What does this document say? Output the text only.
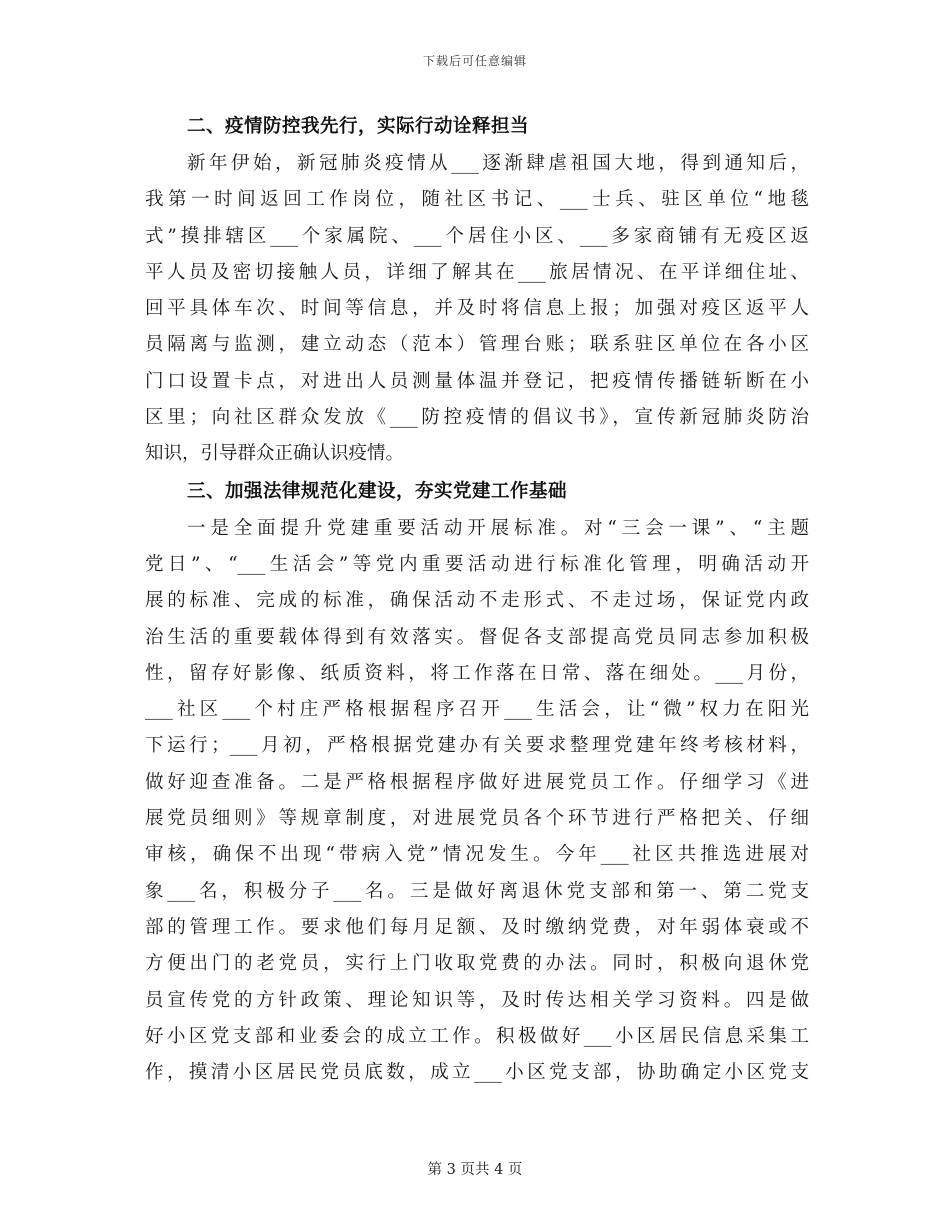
下载后可任意编辑
二、疫情防控我先行，实际行动诠释担当
新年伊始，新冠肺炎疫情从___逐渐肆虐祖国大地，得到通知后，
我第一时间返回工作岗位，随社区书记、___士兵、驻区单位“地毯
式”摸排辖区___个家属院、___个居住小区、___多家商铺有无疫区返
平人员及密切接触人员，详细了解其在___旅居情况、在平详细住址、
回平具体车次、时间等信息，并及时将信息上报；加强对疫区返平人
员隔离与监测，建立动态（范本）管理台账；联系驻区单位在各小区
门口设置卡点，对进出人员测量体温并登记，把疫情传播链斩断在小
区里；向社区群众发放《___防控疫情的倡议书》，宣传新冠肺炎防治
知识，引导群众正确认识疫情。
三、加强法律规范化建设，夯实党建工作基础
一是全面提升党建重要活动开展标准。对“三会一课”、“主题
党日”、“___生活会”等党内重要活动进行标准化管理，明确活动开
展的标准、完成的标准，确保活动不走形式、不走过场，保证党内政
治生活的重要载体得到有效落实。督促各支部提高党员同志参加积极
性，留存好影像、纸质资料，将工作落在日常、落在细处。___月份，
___社区___个村庄严格根据程序召开___生活会，让“微”权力在阳光
下运行；___月初，严格根据党建办有关要求整理党建年终考核材料，
做好迎查准备。二是严格根据程序做好进展党员工作。仔细学习《进
展党员细则》等规章制度，对进展党员各个环节进行严格把关、仔细
审核，确保不出现“带病入党”情况发生。今年___社区共推选进展对
象___名，积极分子___名。三是做好离退休党支部和第一、第二党支
部的管理工作。要求他们每月足额、及时缴纳党费，对年弱体衰或不
方便出门的老党员，实行上门收取党费的办法。同时，积极向退休党
员宣传党的方针政策、理论知识等，及时传达相关学习资料。四是做
好小区党支部和业委会的成立工作。积极做好___小区居民信息采集工
作，摸清小区居民党员底数，成立___小区党支部，协助确定小区党支
第 3 页共 4 页
